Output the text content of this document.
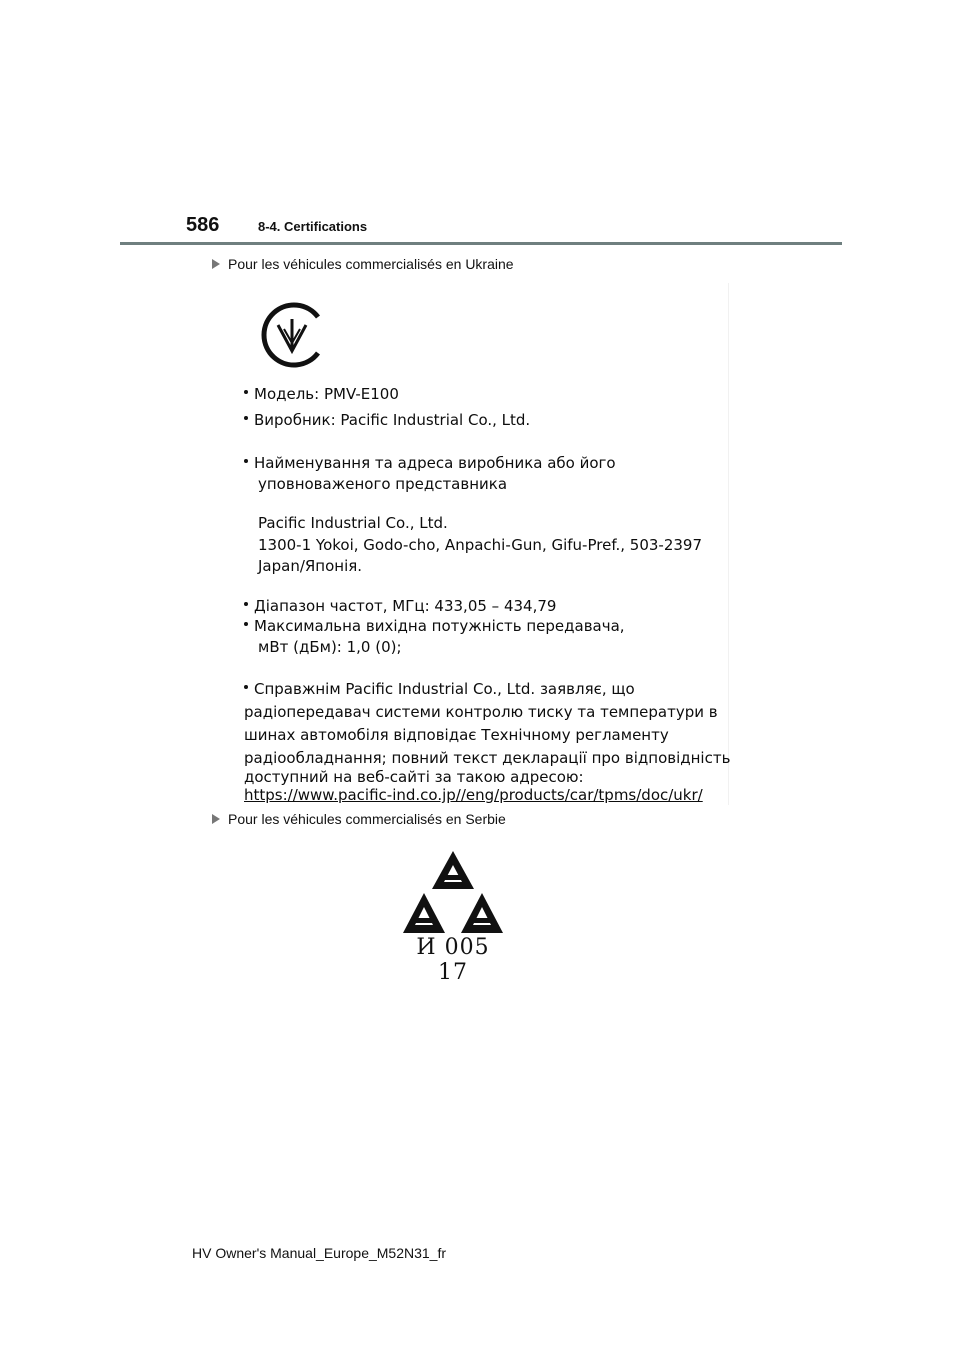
586	8-4. Certifications
Pour les véhicules commercialisés en Ukraine
Модель: PMV-E100
Виробник: Pacific Industrial Co., Ltd.
Найменування та адреса виробника або його
уповноваженого представника
Pacific Industrial Co., Ltd.
1300-1 Yokoi, Godo-cho, Anpachi-Gun, Gifu-Pref., 503-2397
Japan/Японія.
Діапазон частот, МГц: 433,05 – 434,79
Максимальна вихідна потужність передавача,
мВт (дБм): 1,0 (0);
Справжнім Pacific Industrial Co., Ltd. заявляє, що
радіопередавач системи контролю тиску та температури в
шинах автомобіля відповідає Технічному регламенту
радіообладнання; повний текст декларації про відповідність
доступний на веб-сайті за такою адресою:
https://www.pacific-ind.co.jp//eng/products/car/tpms/doc/ukr/
Pour les véhicules commercialisés en Serbie
И 005 17
HV Owner's Manual_Europe_M52N31_fr
